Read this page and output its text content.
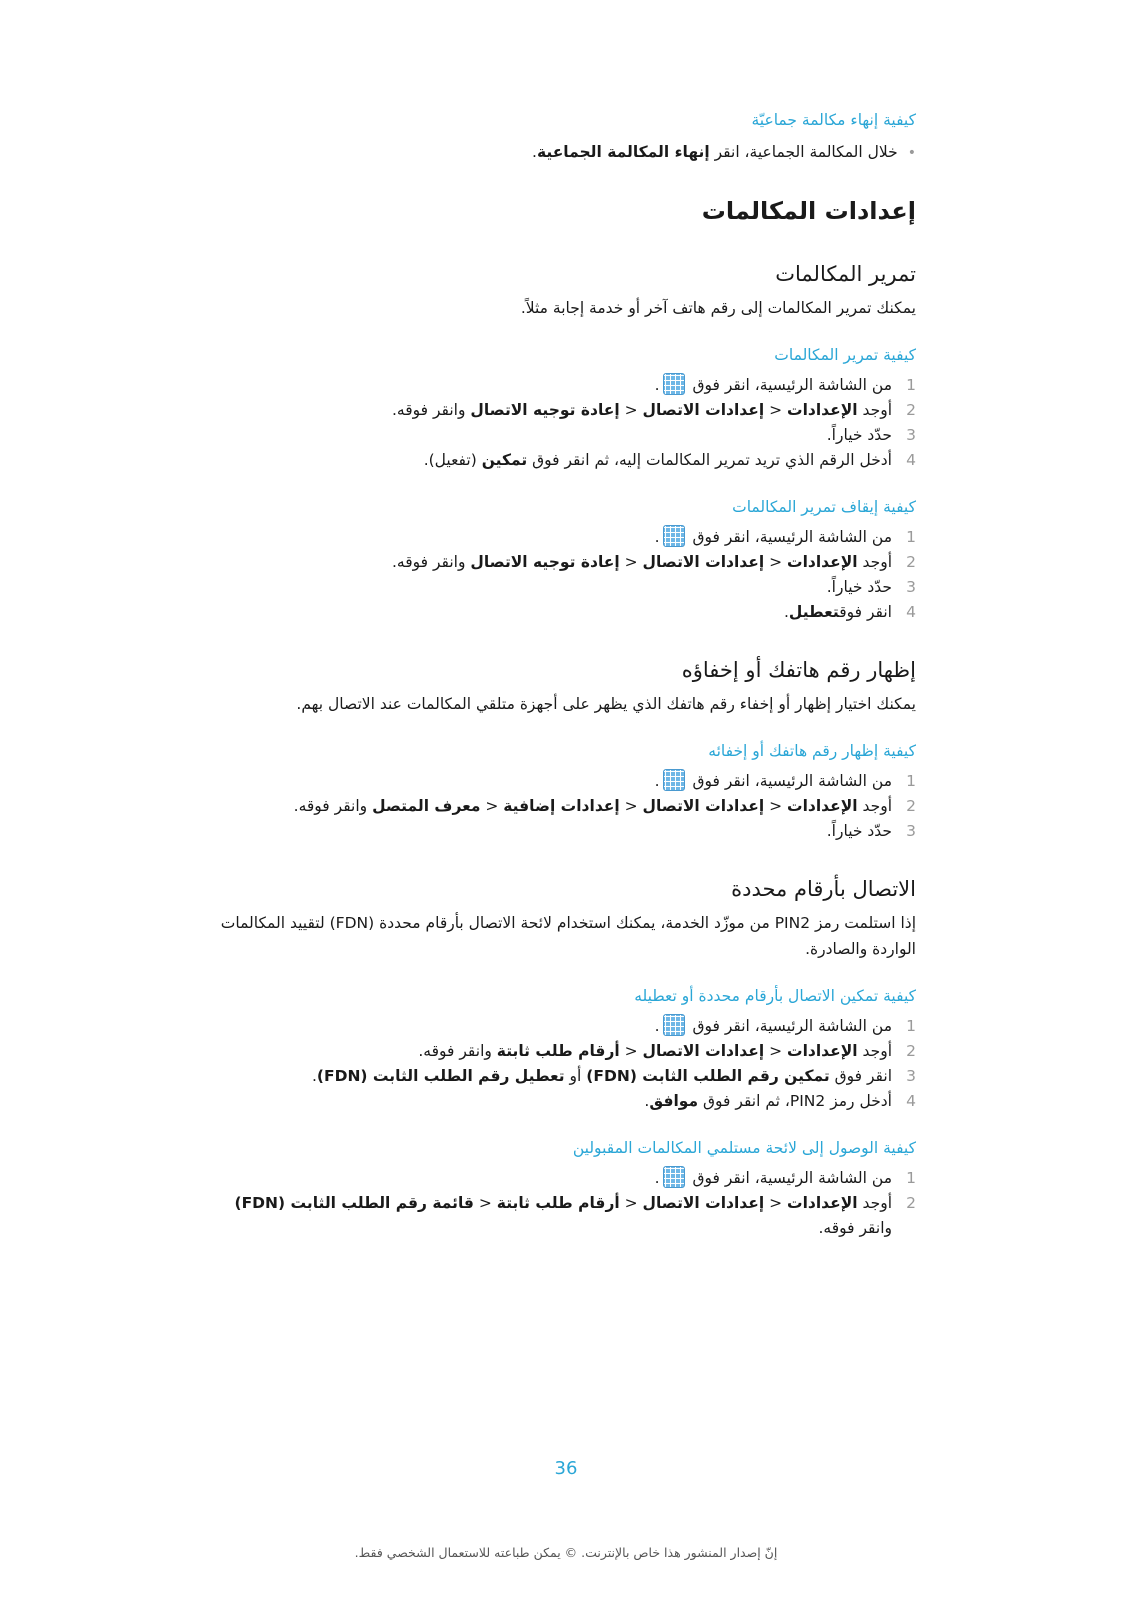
كيفية إنهاء مكالمة جماعيّة

•
خلال المكالمة الجماعية، انقر إنهاء المكالمة الجماعية.
إعدادات المكالمات
تمرير المكالمات

يمكنك تمرير المكالمات إلى رقم هاتف آخر أو خدمة إجابة مثلاً.

كيفية تمرير المكالمات

1
من الشاشة الرئيسية، انقر فوق .
2
أوجد الإعدادات < إعدادات الاتصال < إعادة توجيه الاتصال وانقر فوقه.
3
حدّد خياراً.
4
أدخل الرقم الذي تريد تمرير المكالمات إليه، ثم انقر فوق تمكين (تفعيل).

كيفية إيقاف تمرير المكالمات

1
من الشاشة الرئيسية، انقر فوق .
2
أوجد الإعدادات < إعدادات الاتصال < إعادة توجيه الاتصال وانقر فوقه.
3
حدّد خياراً.
4
انقر فوقتعطيل.
إظهار رقم هاتفك أو إخفاؤه

يمكنك اختيار إظهار أو إخفاء رقم هاتفك الذي يظهر على أجهزة متلقي المكالمات عند الاتصال بهم.

كيفية إظهار رقم هاتفك أو إخفائه

1
من الشاشة الرئيسية، انقر فوق .
2
أوجد الإعدادات < إعدادات الاتصال < إعدادات إضافية < معرف المتصل وانقر فوقه.
3
حدّد خياراً.
الاتصال بأرقام محددة

إذا استلمت رمز PIN2 من موزّد الخدمة، يمكنك استخدام لائحة الاتصال بأرقام محددة (FDN) لتقييد المكالمات الواردة والصادرة.

كيفية تمكين الاتصال بأرقام محددة أو تعطيله

1
من الشاشة الرئيسية، انقر فوق .
2
أوجد الإعدادات < إعدادات الاتصال < أرقام طلب ثابتة وانقر فوقه.
3
انقر فوق تمكين رقم الطلب الثابت (FDN) أو تعطيل رقم الطلب الثابت (FDN).
4
أدخل رمز PIN2، ثم انقر فوق موافق.

كيفية الوصول إلى لائحة مستلمي المكالمات المقبولين

1
من الشاشة الرئيسية، انقر فوق .
2
أوجد الإعدادات < إعدادات الاتصال < أرقام طلب ثابتة < قائمة رقم الطلب الثابت (FDN) وانقر فوقه.
36
إنّ إصدار المنشور هذا خاص بالإنترنت. © يمكن طباعته للاستعمال الشخصي فقط.
